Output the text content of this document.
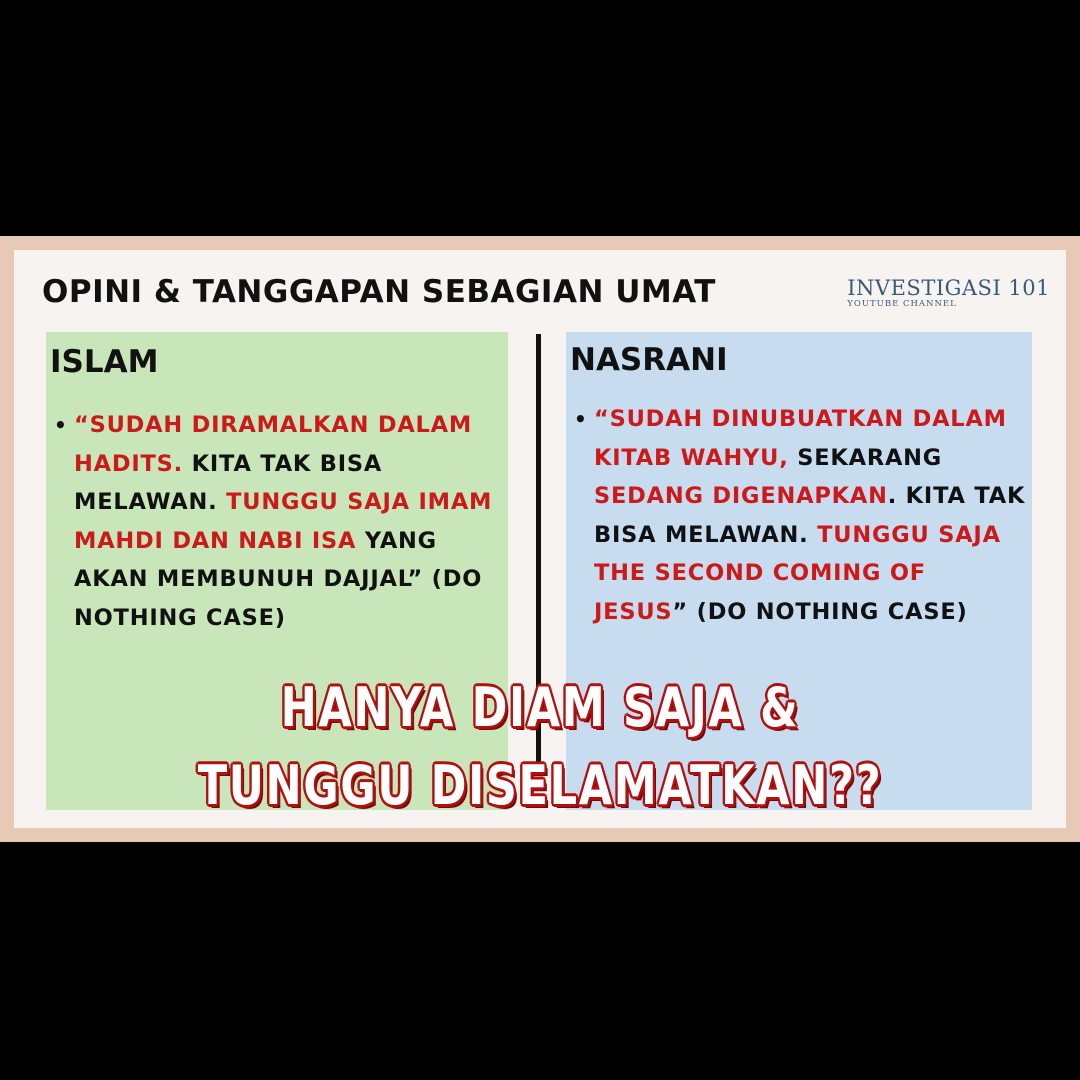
OPINI & TANGGAPAN SEBAGIAN UMAT	INVESTIGASI 101
YOUTUBE CHANNEL
ISLAM
• “SUDAH DIRAMALKAN DALAM HADITS. KITA TAK BISA MELAWAN. TUNGGU SAJA IMAM MAHDI DAN NABI ISA YANG AKAN MEMBUNUH DAJJAL” (DO NOTHING CASE)
NASRANI
• “SUDAH DINUBUATKAN DALAM KITAB WAHYU, SEKARANG SEDANG DIGENAPKAN. KITA TAK BISA MELAWAN. TUNGGU SAJA THE SECOND COMING OF JESUS” (DO NOTHING CASE)
HANYA DIAM SAJA &
TUNGGU DISELAMATKAN??
